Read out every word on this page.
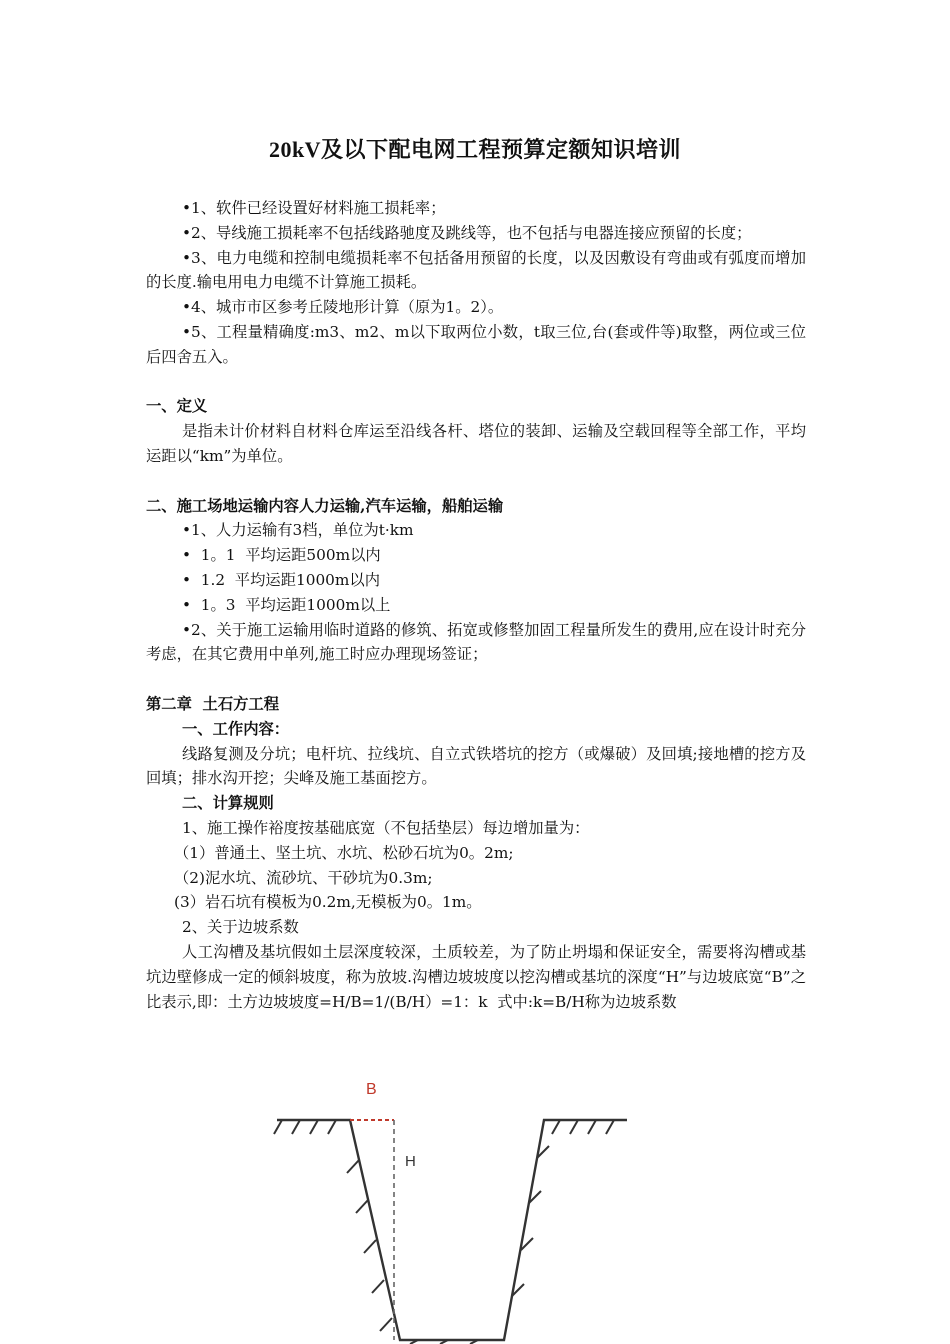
20kV及以下配电网工程预算定额知识培训

•1、软件已经设置好材料施工损耗率；

•2、导线施工损耗率不包括线路驰度及跳线等，也不包括与电器连接应预留的长度；

•3、电力电缆和控制电缆损耗率不包括备用预留的长度，以及因敷设有弯曲或有弧度而增加的长度.输电用电力电缆不计算施工损耗。

•4、城市市区参考丘陵地形计算（原为1。2）。

•5、工程量精确度:m3、m2、m以下取两位小数，t取三位,台(套或件等)取整，两位或三位后四舍五入。

一、定义

是指未计价材料自材料仓库运至沿线各杆、塔位的装卸、运输及空载回程等全部工作，平均运距以“km”为单位。

二、施工场地运输内容人力运输,汽车运输，船舶运输

•1、人力运输有3档，单位为t·km

•  1。1  平均运距500m以内

•  1.2  平均运距1000m以内

•  1。3  平均运距1000m以上

•2、关于施工运输用临时道路的修筑、拓宽或修整加固工程量所发生的费用,应在设计时充分考虑，在其它费用中单列,施工时应办理现场签证；

第二章  土石方工程

一、工作内容：

线路复测及分坑；电杆坑、拉线坑、自立式铁塔坑的挖方（或爆破）及回填;接地槽的挖方及回填；排水沟开挖；尖峰及施工基面挖方。

二、计算规则

1、施工操作裕度按基础底宽（不包括垫层）每边增加量为：

（1）普通土、坚土坑、水坑、松砂石坑为0。2m;

（2)泥水坑、流砂坑、干砂坑为0.3m;

(3）岩石坑有模板为0.2m,无模板为0。1m。

2、关于边坡系数

人工沟槽及基坑假如土层深度较深，土质较差，为了防止坍塌和保证安全，需要将沟槽或基坑边壁修成一定的倾斜坡度，称为放坡.沟槽边坡坡度以挖沟槽或基坑的深度“H”与边坡底宽“B”之比表示,即：土方边坡坡度=H/B=1/(B/H）=1：k  式中:k=B/H称为边坡系数

B
H
